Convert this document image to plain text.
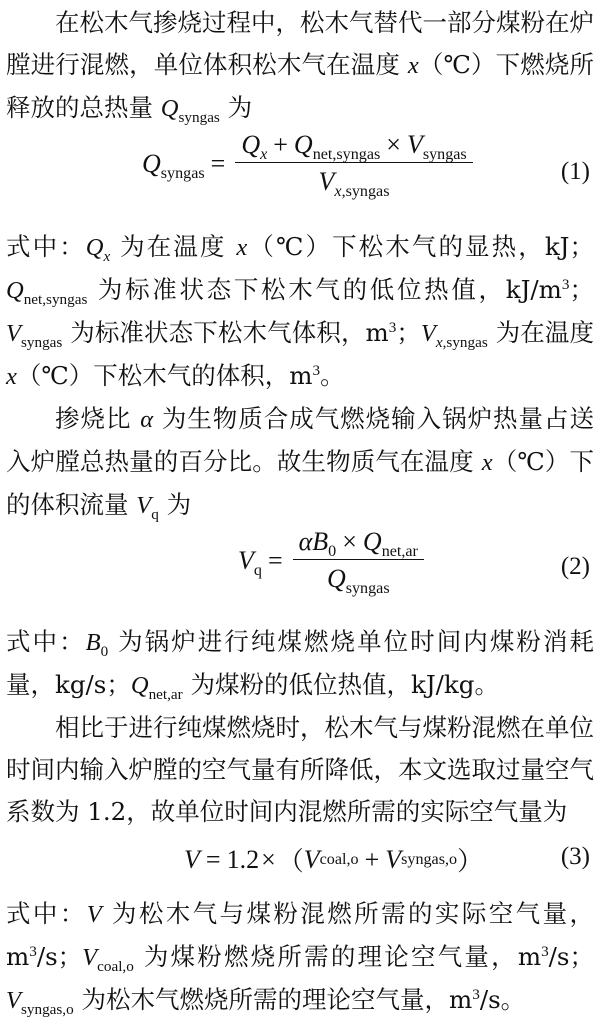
在松木气掺烧过程中，松木气替代一部分煤粉在炉膛进行混燃，单位体积松木气在温度 x（℃）下燃烧所释放的总热量 $Q_{syngas}$ 为

$Q_{syngas} = \frac{Q_x + Q_{net,syngas} \times V_{syngas}}{V_{x,syngas}}$	(1)

式中：$Q_x$ 为在温度 x（℃）下松木气的显热，kJ；$Q_{net,syngas}$ 为标准状态下松木气的低位热值，$kJ/m^3$；$V_{syngas}$ 为标准状态下松木气体积，$m^3$；$V_{x,syngas}$ 为在温度 x（℃）下松木气的体积，$m^3$。

掺烧比 α 为生物质合成气燃烧输入锅炉热量占送入炉膛总热量的百分比。故生物质气在温度 x（℃）下的体积流量 $V_q$ 为

$V_q = \frac{\alpha B_0 \times Q_{net,ar}}{Q_{syngas}}$	(2)

式中：$B_0$ 为锅炉进行纯煤燃烧单位时间内煤粉消耗量，kg/s；$Q_{net,ar}$ 为煤粉的低位热值，kJ/kg。

相比于进行纯煤燃烧时，松木气与煤粉混燃在单位时间内输入炉膛的空气量有所降低，本文选取过量空气系数为 1.2，故单位时间内混燃所需的实际空气量为

V = 1.2 × （ V coal,o + V syngas,o ）	(3)

式中：V 为松木气与煤粉混燃所需的实际空气量，$m^3/s$；$V_{coal,o}$ 为煤粉燃烧所需的理论空气量，$m^3/s$；$V_{syngas,o}$ 为松木气燃烧所需的理论空气量，$m^3/s$。
